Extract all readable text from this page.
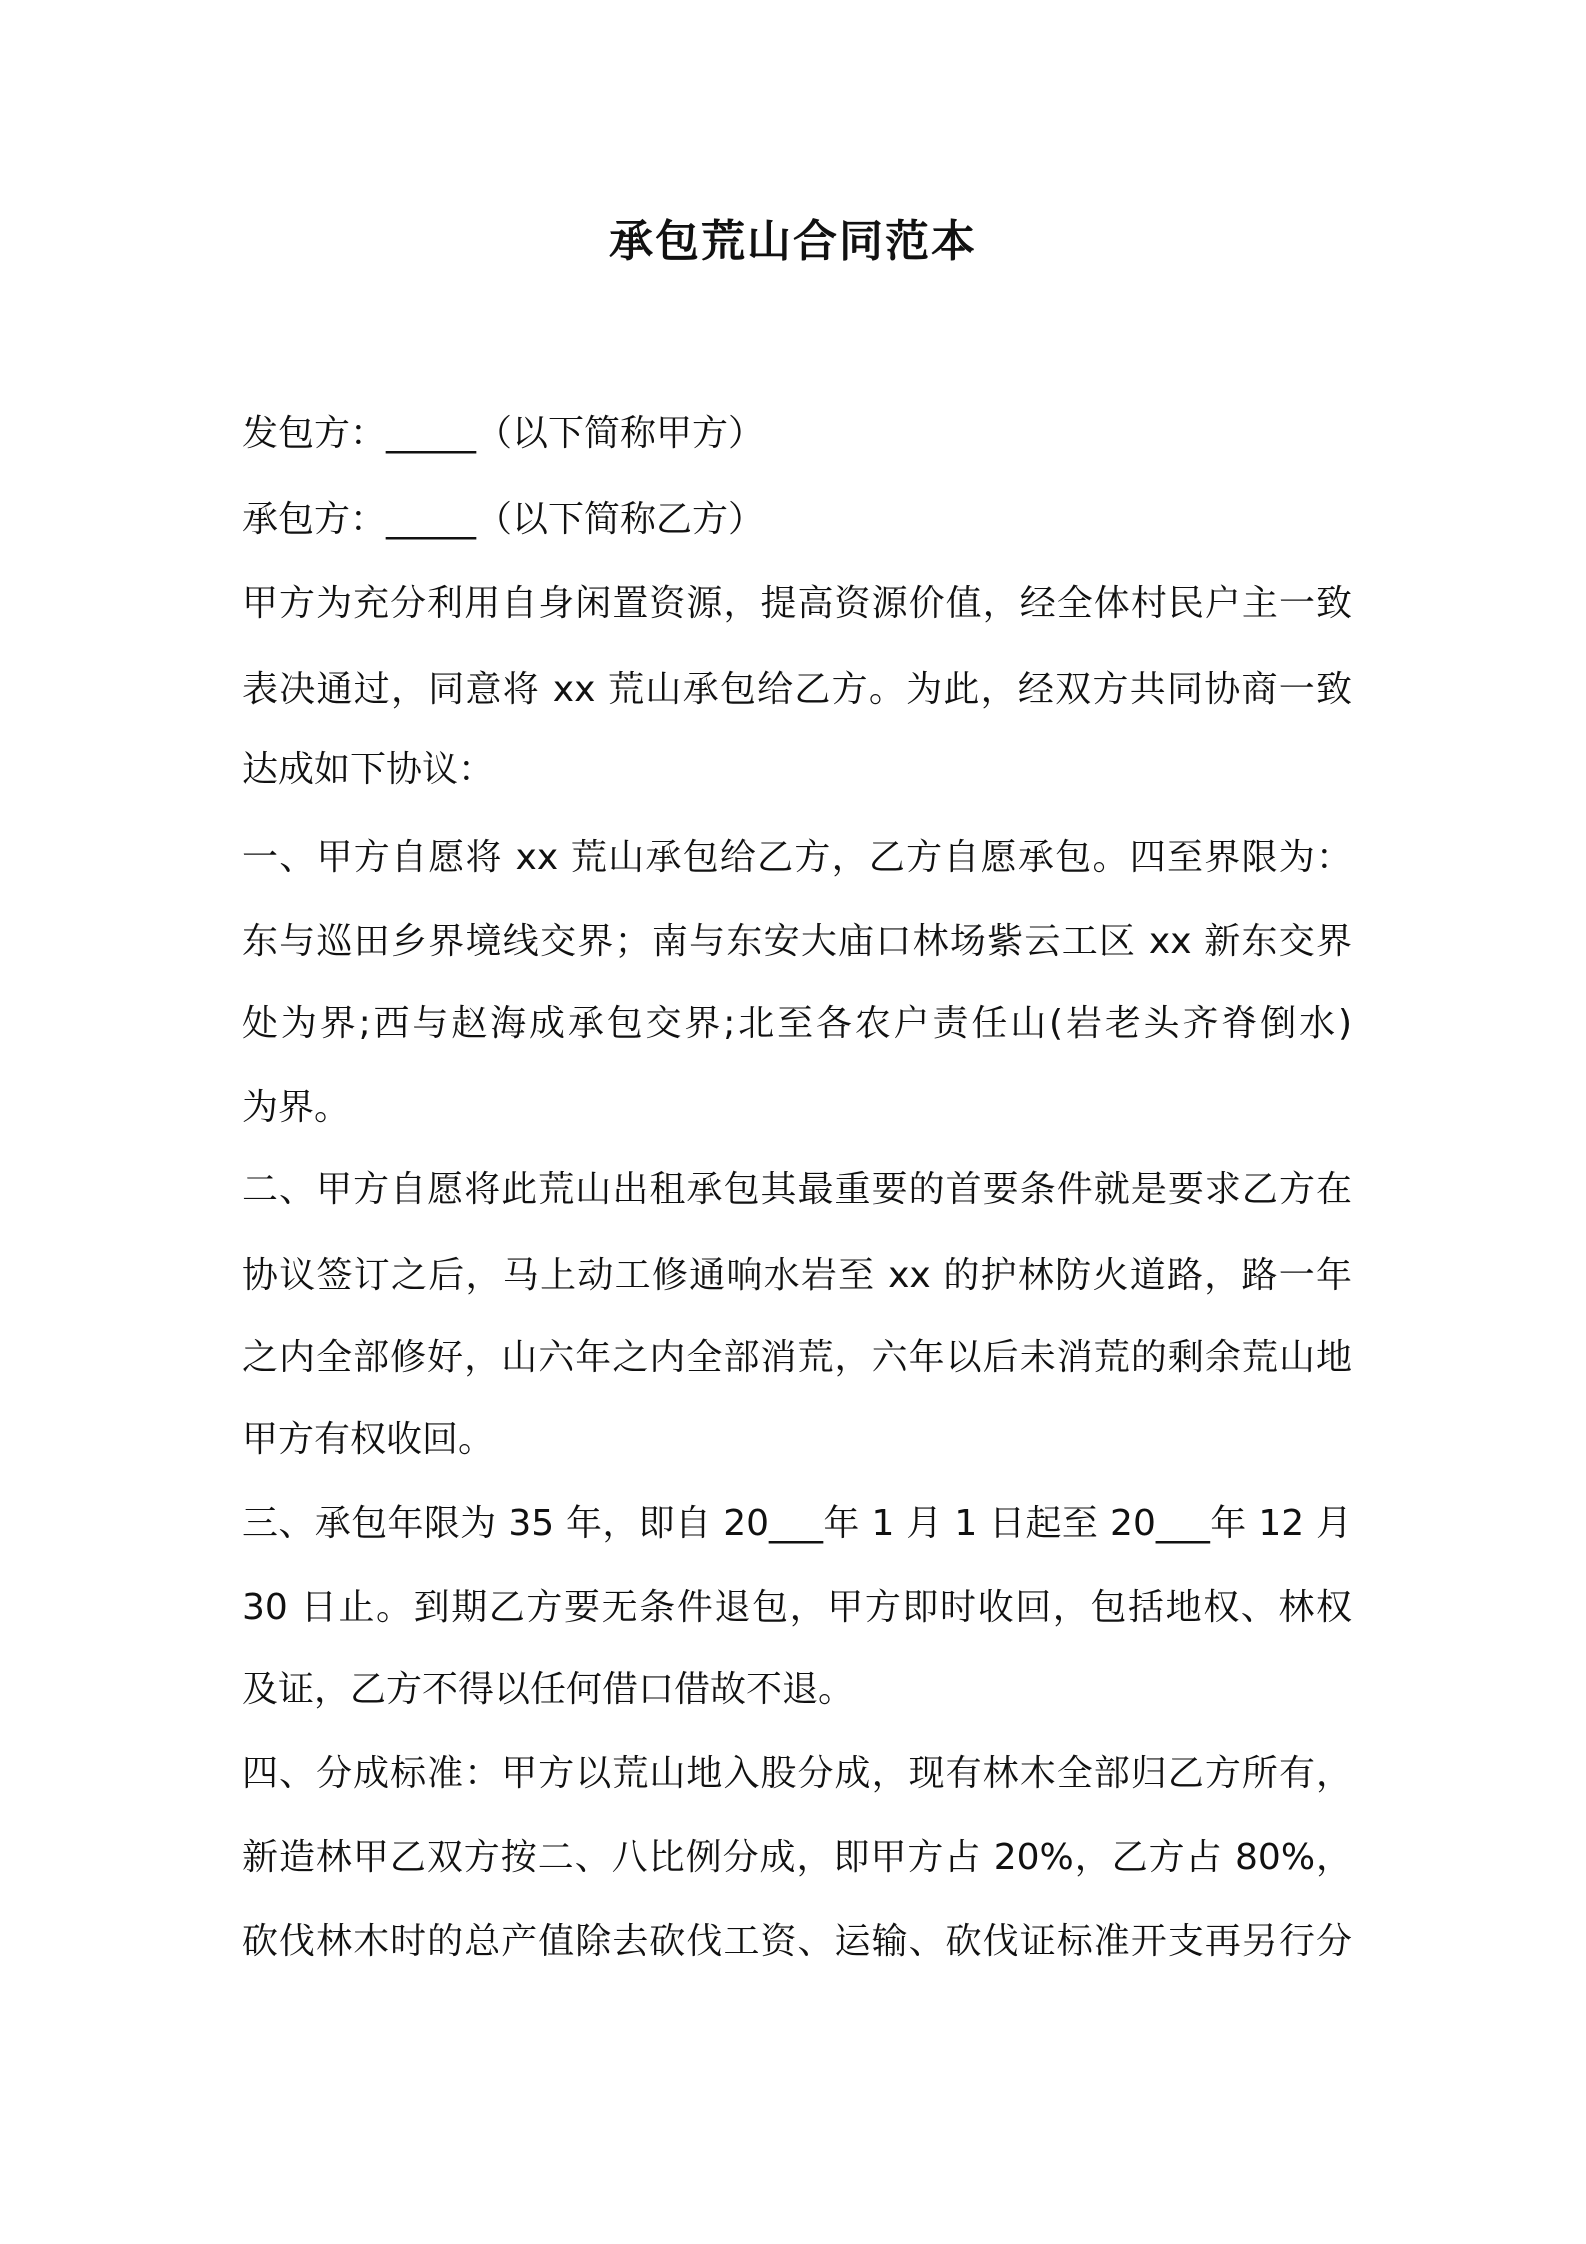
承包荒山合同范本

发包方：_____（以下简称甲方）

承包方：_____（以下简称乙方）

甲方为充分利用自身闲置资源，提高资源价值，经全体村民户主一致

表决通过，同意将 xx 荒山承包给乙方。为此，经双方共同协商一致

达成如下协议：

一、甲方自愿将 xx 荒山承包给乙方，乙方自愿承包。四至界限为：

东与巡田乡界境线交界；南与东安大庙口林场紫云工区 xx 新东交界

处为界;西与赵海成承包交界;北至各农户责任山(岩老头齐脊倒水)

为界。

二、甲方自愿将此荒山出租承包其最重要的首要条件就是要求乙方在

协议签订之后，马上动工修通响水岩至 xx 的护林防火道路，路一年

之内全部修好，山六年之内全部消荒，六年以后未消荒的剩余荒山地

甲方有权收回。

三、承包年限为 35 年，即自 20___年 1 月 1 日起至 20___年 12 月

30 日止。到期乙方要无条件退包，甲方即时收回，包括地权、林权

及证，乙方不得以任何借口借故不退。

四、分成标准：甲方以荒山地入股分成，现有林木全部归乙方所有，

新造林甲乙双方按二、八比例分成，即甲方占 20%，乙方占 80%，

砍伐林木时的总产值除去砍伐工资、运输、砍伐证标准开支再另行分
